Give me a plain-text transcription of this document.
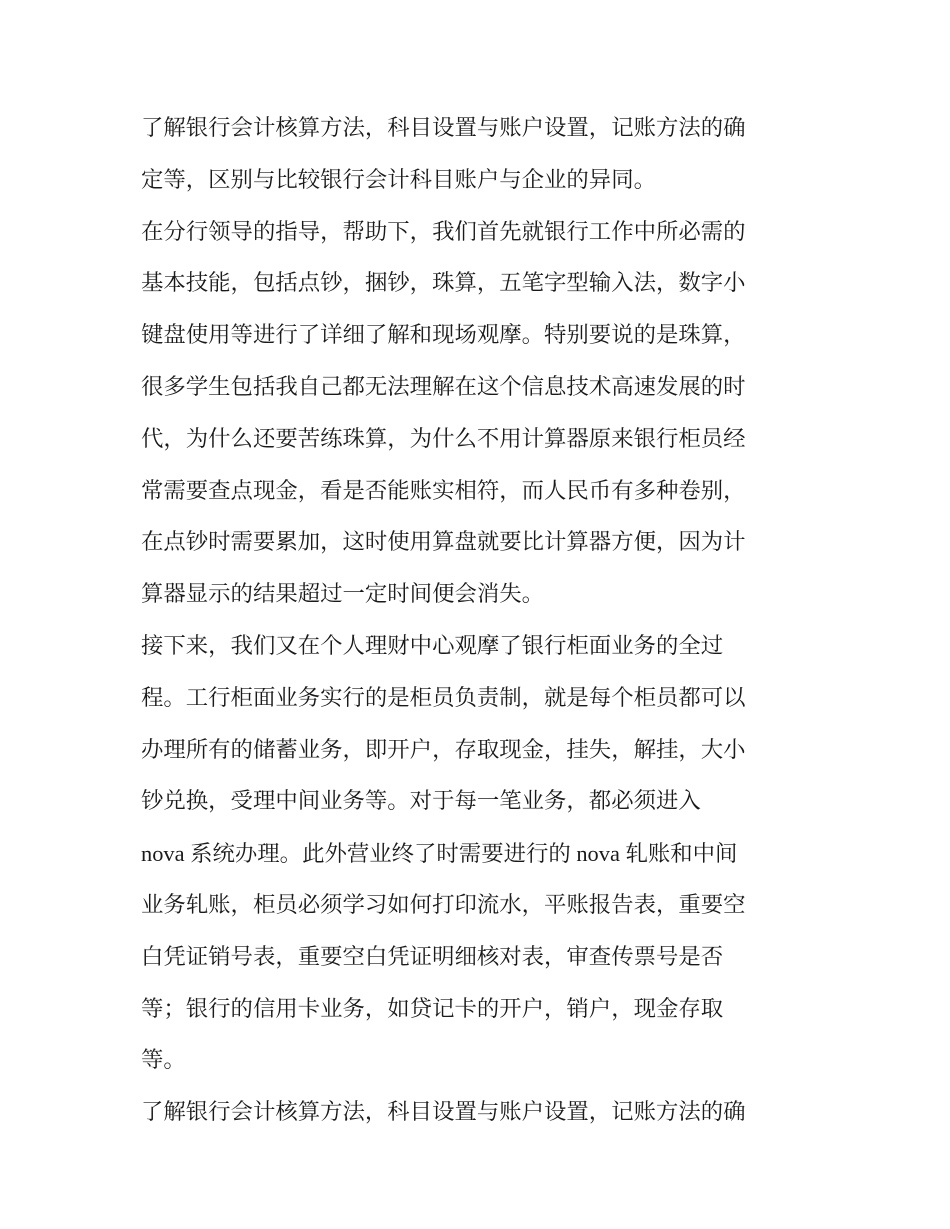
了解银行会计核算方法，科目设置与账户设置，记账方法的确
定等，区别与比较银行会计科目账户与企业的异同。
在分行领导的指导，帮助下，我们首先就银行工作中所必需的
基本技能，包括点钞，捆钞，珠算，五笔字型输入法，数字小
键盘使用等进行了详细了解和现场观摩。特别要说的是珠算，
很多学生包括我自己都无法理解在这个信息技术高速发展的时
代，为什么还要苦练珠算，为什么不用计算器原来银行柜员经
常需要查点现金，看是否能账实相符，而人民币有多种卷别，
在点钞时需要累加，这时使用算盘就要比计算器方便，因为计
算器显示的结果超过一定时间便会消失。
接下来，我们又在个人理财中心观摩了银行柜面业务的全过
程。工行柜面业务实行的是柜员负责制，就是每个柜员都可以
办理所有的储蓄业务，即开户，存取现金，挂失，解挂，大小
钞兑换，受理中间业务等。对于每一笔业务，都必须进入
nova 系统办理。此外营业终了时需要进行的 nova 轧账和中间
业务轧账，柜员必须学习如何打印流水，平账报告表，重要空
白凭证销号表，重要空白凭证明细核对表，审查传票号是否
等；银行的信用卡业务，如贷记卡的开户，销户，现金存取
等。
了解银行会计核算方法，科目设置与账户设置，记账方法的确
